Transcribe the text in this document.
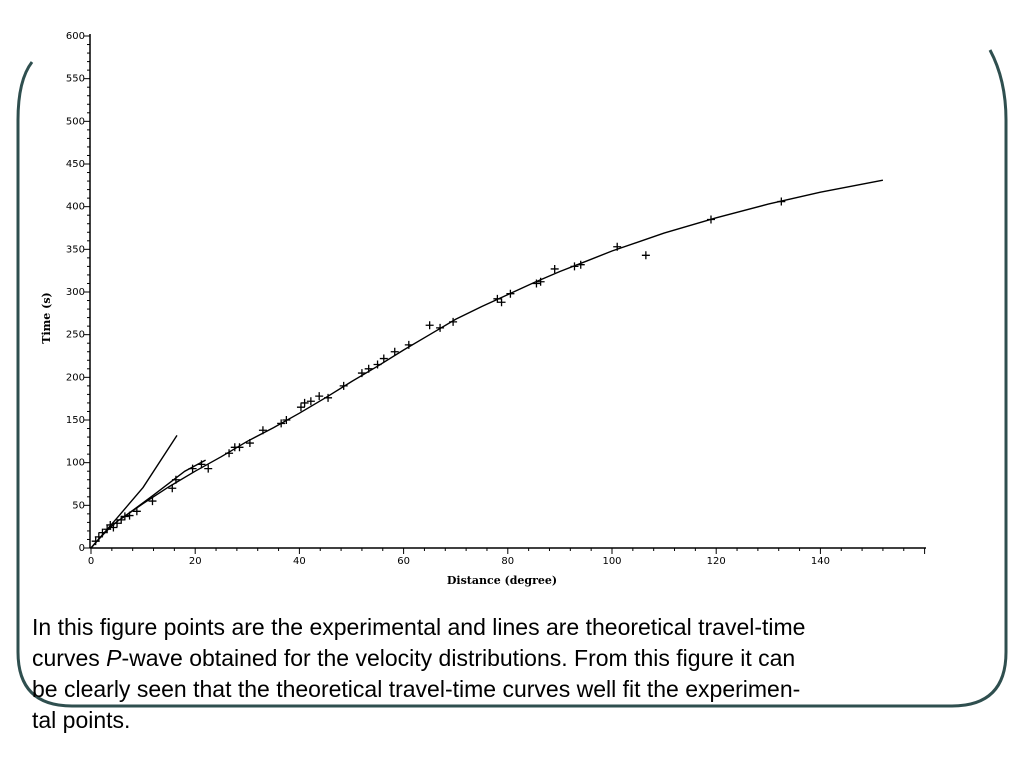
0
50
100
150
200
250
300
350
400
450
500
550
600
0	20	40	60	80	100	120	140
Distance (degree)
Time (s)

In this figure points are the experimental and lines are theoretical travel-time
curves P-wave obtained for the velocity distributions. From this figure it can
be clearly seen that the theoretical travel-time curves well fit the experimen-
tal points.
